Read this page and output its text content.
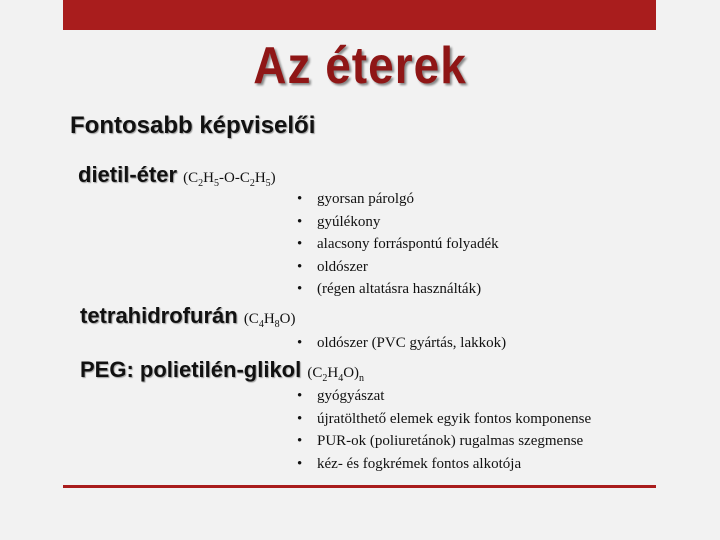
Az éterek
Fontosabb képviselői
dietil-éter $(C_2H_5-O-C_2H_5)$
• gyorsan párolgó
• gyúlékony
• alacsony forráspontú folyadék
• oldószer
• (régen altatásra használták)
tetrahidrofurán $(C_4H_8O)$
• oldószer (PVC gyártás, lakkok)
PEG: polietilén-glikol $(C_2H_4O)_n$
• gyógyászat
• újratölthető elemek egyik fontos komponense
• PUR-ok (poliuretánok) rugalmas szegmense
• kéz- és fogkrémek fontos alkotója
